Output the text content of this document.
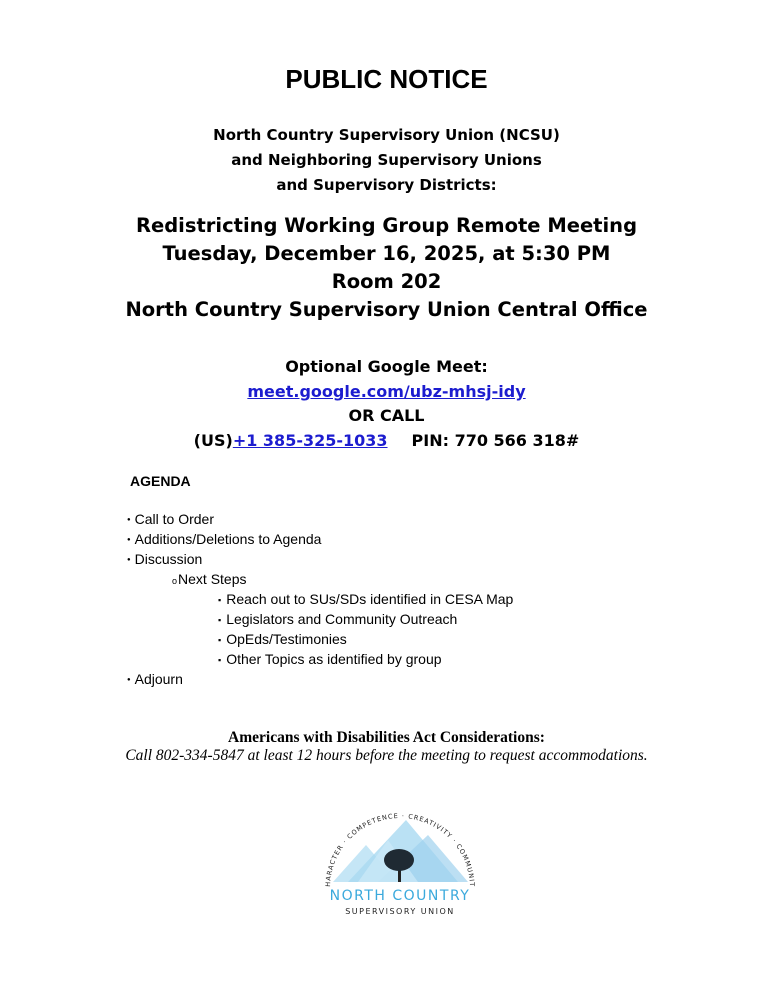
PUBLIC NOTICE
North Country Supervisory Union (NCSU)
and Neighboring Supervisory Unions
and Supervisory Districts:
Redistricting Working Group Remote Meeting
Tuesday, December 16, 2025, at 5:30 PM
Room 202
North Country Supervisory Union Central Office
Optional Google Meet:
meet.google.com/ubz-mhsj-idy
OR CALL
(US)+1 385-325-1033 PIN: 770 566 318#
AGENDA
● Call to Order
● Additions/Deletions to Agenda
● Discussion
o Next Steps
▪ Reach out to SUs/SDs identified in CESA Map
▪ Legislators and Community Outreach
▪ OpEds/Testimonies
▪ Other Topics as identified by group
● Adjourn
Americans with Disabilities Act Considerations:
Call 802-334-5847 at least 12 hours before the meeting to request accommodations.
HARACTER · COMPETENCE · CREATIVITY · COMMUNIT
NORTH COUNTRY
SUPERVISORY UNION
